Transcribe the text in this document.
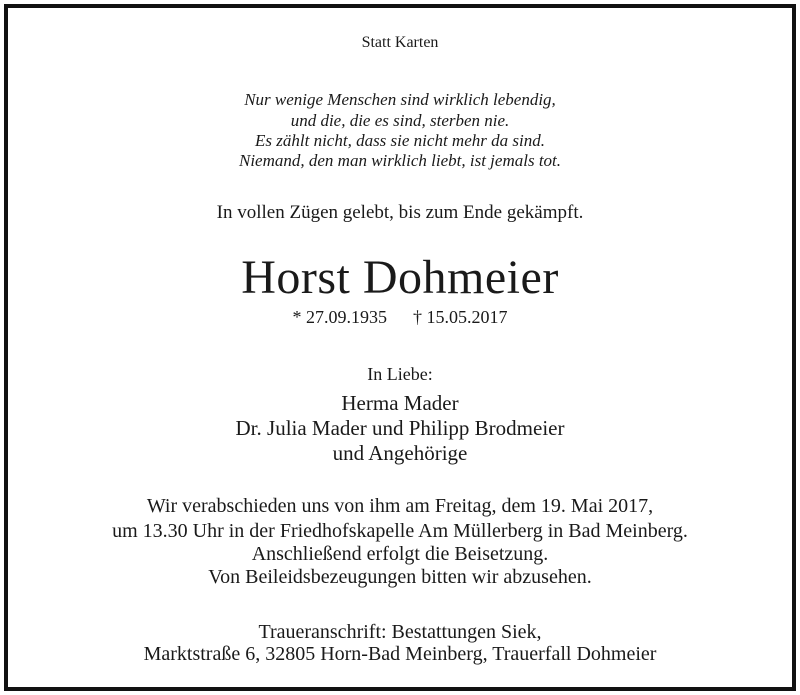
Statt Karten
Nur wenige Menschen sind wirklich lebendig,
und die, die es sind, sterben nie.
Es zählt nicht, dass sie nicht mehr da sind.
Niemand, den man wirklich liebt, ist jemals tot.
In vollen Zügen gelebt, bis zum Ende gekämpft.
Horst Dohmeier
* 27.09.1935 † 15.05.2017
In Liebe:
Herma Mader
Dr. Julia Mader und Philipp Brodmeier
und Angehörige
Wir verabschieden uns von ihm am Freitag, dem 19. Mai 2017,
um 13.30 Uhr in der Friedhofskapelle Am Müllerberg in Bad Meinberg.
Anschließend erfolgt die Beisetzung.
Von Beileidsbezeugungen bitten wir abzusehen.
Traueranschrift: Bestattungen Siek,
Marktstraße 6, 32805 Horn-Bad Meinberg, Trauerfall Dohmeier
